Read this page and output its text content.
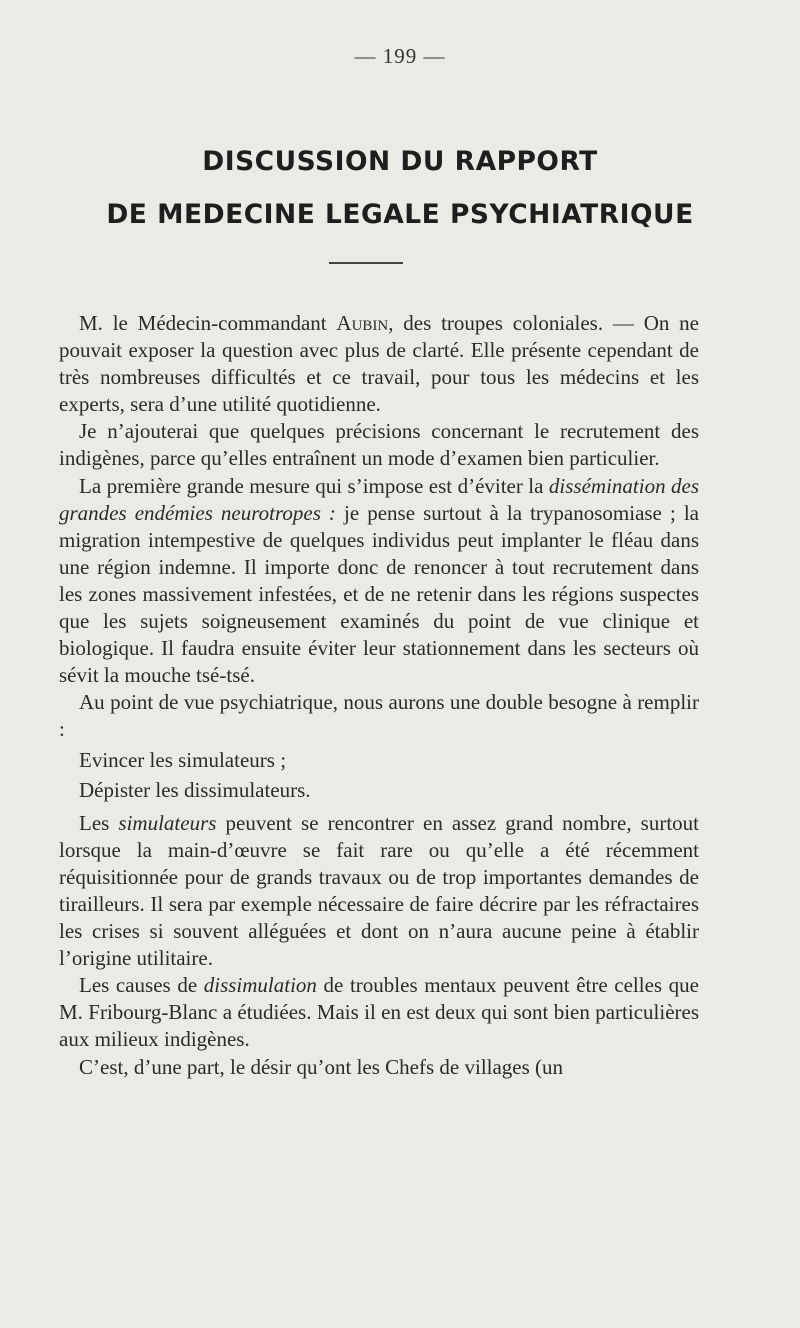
— 199 —
DISCUSSION DU RAPPORT
DE MEDECINE LEGALE PSYCHIATRIQUE

M. le Médecin-commandant Aubin, des troupes coloniales. — On ne pouvait exposer la question avec plus de clarté. Elle présente cependant de très nombreuses difficultés et ce travail, pour tous les médecins et les experts, sera d’une utilité quotidienne.

Je n’ajouterai que quelques précisions concernant le recrutement des indigènes, parce qu’elles entraînent un mode d’examen bien particulier.

La première grande mesure qui s’impose est d’éviter la dissémination des grandes endémies neurotropes : je pense surtout à la trypanosomiase ; la migration intempestive de quelques individus peut implanter le fléau dans une région indemne. Il importe donc de renoncer à tout recrutement dans les zones massivement infestées, et de ne retenir dans les régions suspectes que les sujets soigneusement examinés du point de vue clinique et biologique. Il faudra ensuite éviter leur stationnement dans les secteurs où sévit la mouche tsé-tsé.

Au point de vue psychiatrique, nous aurons une double besogne à remplir :

Evincer les simulateurs ;

Dépister les dissimulateurs.

Les simulateurs peuvent se rencontrer en assez grand nombre, surtout lorsque la main-d’œuvre se fait rare ou qu’elle a été récemment réquisitionnée pour de grands travaux ou de trop importantes demandes de tirailleurs. Il sera par exemple nécessaire de faire décrire par les réfractaires les crises si souvent alléguées et dont on n’aura aucune peine à établir l’origine utilitaire.

Les causes de dissimulation de troubles mentaux peuvent être celles que M. Fribourg-Blanc a étudiées. Mais il en est deux qui sont bien particulières aux milieux indigènes.

C’est, d’une part, le désir qu’ont les Chefs de villages (un
